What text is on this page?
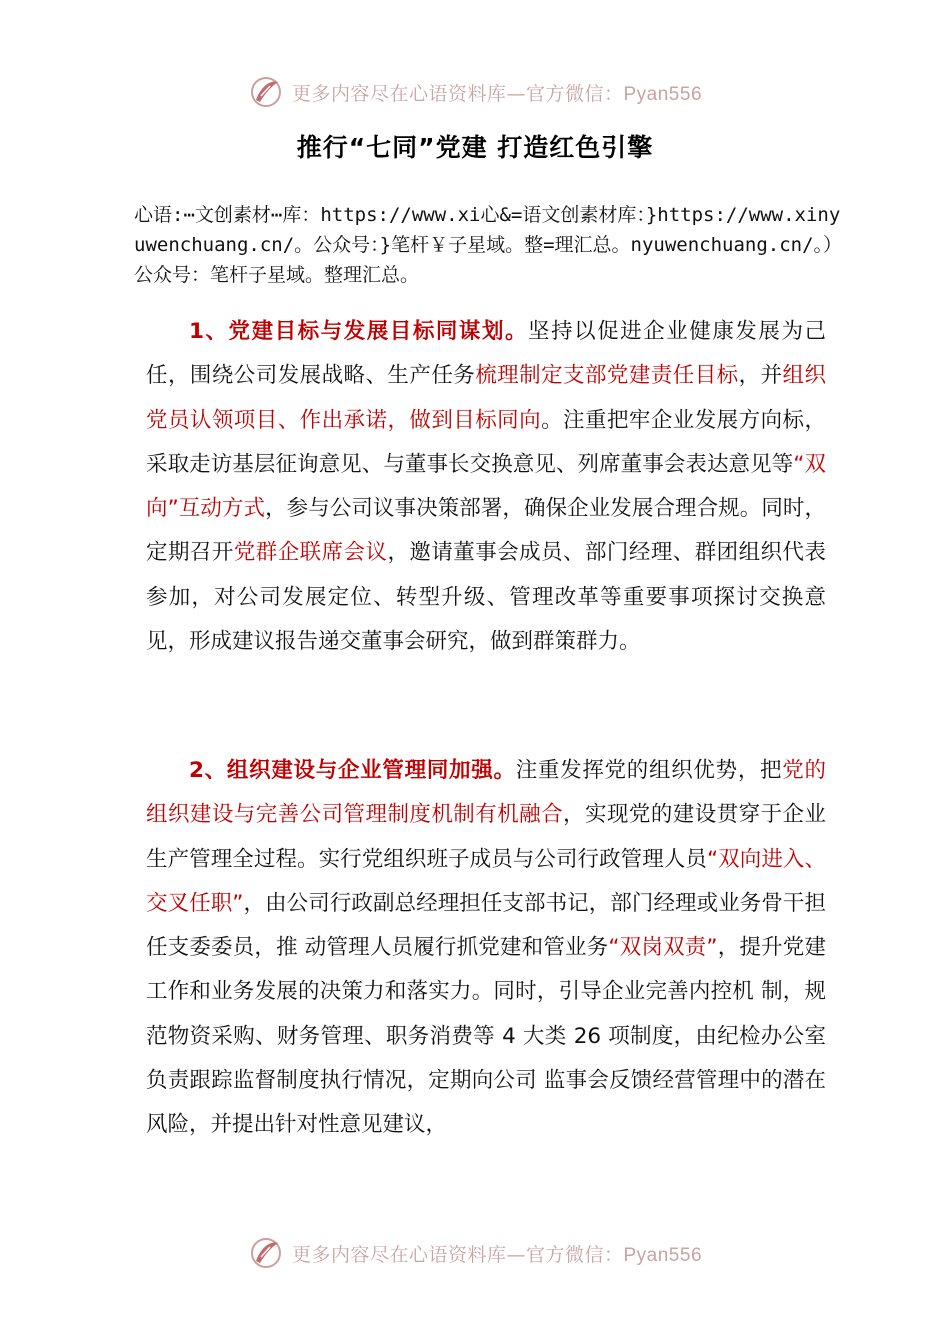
更多内容尽在心语资料库—官方微信：Pyan556
推行“七同”党建 打造红色引擎
心语:⋯文创素材⋯库：https://www.xi心&=语文创素材库：}https://www.xinyuwenchuang.cn/。公众号：}笔杆￥子星域。整=理汇总。nyuwenchuang.cn/。）公众号：笔杆子星域。整理汇总。
1、党建目标与发展目标同谋划。坚持以促进企业健康发展为己任，围绕公司发展战略、生产任务梳理制定支部党建责任目标，并组织党员认领项目、作出承诺，做到目标同向。注重把牢企业发展方向标，采取走访基层征询意见、与董事长交换意见、列席董事会表达意见等“双向”互动方式，参与公司议事决策部署，确保企业发展合理合规。同时，定期召开党群企联席会议，邀请董事会成员、部门经理、群团组织代表参加，对公司发展定位、转型升级、管理改革等重要事项探讨交换意见，形成建议报告递交董事会研究，做到群策群力。
2、组织建设与企业管理同加强。注重发挥党的组织优势，把党的组织建设与完善公司管理制度机制有机融合，实现党的建设贯穿于企业生产管理全过程。实行党组织班子成员与公司行政管理人员“双向进入、交叉任职”，由公司行政副总经理担任支部书记，部门经理或业务骨干担任支委委员，推 动管理人员履行抓党建和管业务“双岗双责”，提升党建工作和业务发展的决策力和落实力。同时，引导企业完善内控机 制，规范物资采购、财务管理、职务消费等 4 大类 26 项制度，由纪检办公室负责跟踪监督制度执行情况，定期向公司 监事会反馈经营管理中的潜在风险，并提出针对性意见建议，
更多内容尽在心语资料库—官方微信：Pyan556
